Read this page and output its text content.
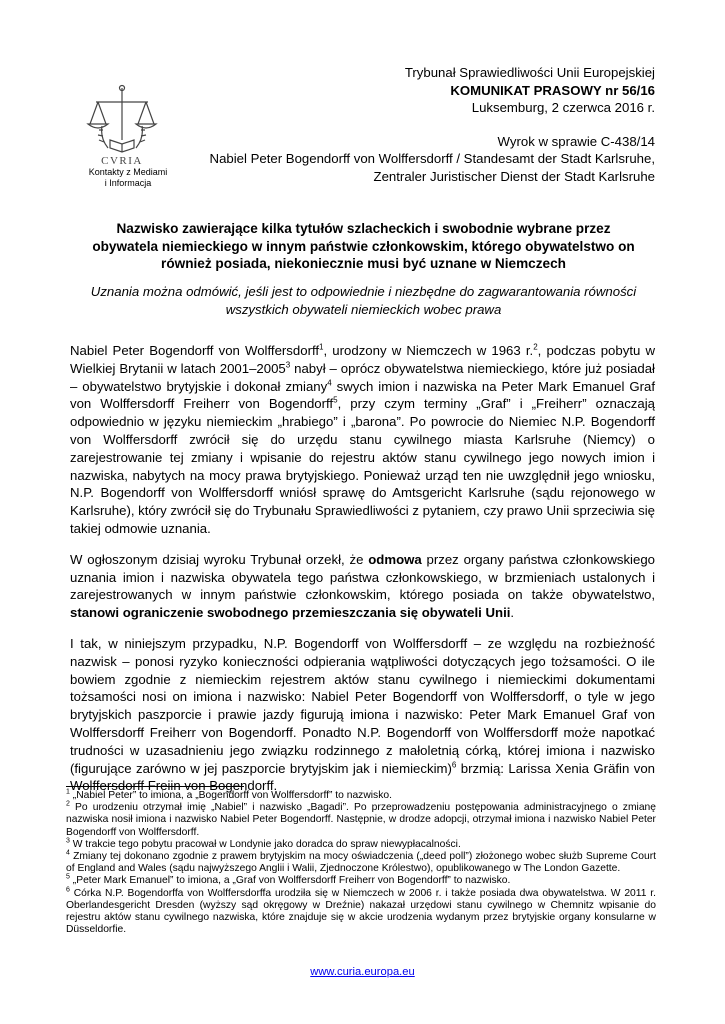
CVRIA
Kontakty z Mediami
i Informacja
Trybunał Sprawiedliwości Unii Europejskiej
KOMUNIKAT PRASOWY nr 56/16
Luksemburg, 2 czerwca 2016 r.
Wyrok w sprawie C-438/14
Nabiel Peter Bogendorff von Wolffersdorff / Standesamt der Stadt Karlsruhe,
Zentraler Juristischer Dienst der Stadt Karlsruhe
Nazwisko zawierające kilka tytułów szlacheckich i swobodnie wybrane przez
obywatela niemieckiego w innym państwie członkowskim, którego obywatelstwo on
również posiada, niekoniecznie musi być uznane w Niemczech
Uznania można odmówić, jeśli jest to odpowiednie i niezbędne do zagwarantowania równości
wszystkich obywateli niemieckich wobec prawa

Nabiel Peter Bogendorff von Wolffersdorff$^1$, urodzony w Niemczech w 1963 r.$^2$, podczas pobytu w Wielkiej Brytanii w latach 2001–2005$^3$ nabył – oprócz obywatelstwa niemieckiego, które już posiadał – obywatelstwo brytyjskie i dokonał zmiany$^4$ swych imion i nazwiska na Peter Mark Emanuel Graf von Wolffersdorff Freiherr von Bogendorff$^5$, przy czym terminy „Graf” i „Freiherr” oznaczają odpowiednio w języku niemieckim „hrabiego” i „barona”. Po powrocie do Niemiec N.P. Bogendorff von Wolffersdorff zwrócił się do urzędu stanu cywilnego miasta Karlsruhe (Niemcy) o zarejestrowanie tej zmiany i wpisanie do rejestru aktów stanu cywilnego jego nowych imion i nazwiska, nabytych na mocy prawa brytyjskiego. Ponieważ urząd ten nie uwzględnił jego wniosku, N.P. Bogendorff von Wolffersdorff wniósł sprawę do Amtsgericht Karlsruhe (sądu rejonowego w Karlsruhe), który zwrócił się do Trybunału Sprawiedliwości z pytaniem, czy prawo Unii sprzeciwia się takiej odmowie uznania.

W ogłoszonym dzisiaj wyroku Trybunał orzekł, że odmowa przez organy państwa członkowskiego uznania imion i nazwiska obywatela tego państwa członkowskiego, w brzmieniach ustalonych i zarejestrowanych w innym państwie członkowskim, którego posiada on także obywatelstwo, stanowi ograniczenie swobodnego przemieszczania się obywateli Unii.

I tak, w niniejszym przypadku, N.P. Bogendorff von Wolffersdorff – ze względu na rozbieżność nazwisk – ponosi ryzyko konieczności odpierania wątpliwości dotyczących jego tożsamości. O ile bowiem zgodnie z niemieckim rejestrem aktów stanu cywilnego i niemieckimi dokumentami tożsamości nosi on imiona i nazwisko: Nabiel Peter Bogendorff von Wolffersdorff, o tyle w jego brytyjskich paszporcie i prawie jazdy figurują imiona i nazwisko: Peter Mark Emanuel Graf von Wolffersdorff Freiherr von Bogendorff. Ponadto N.P. Bogendorff von Wolffersdorff może napotkać trudności w uzasadnieniu jego związku rodzinnego z małoletnią córką, której imiona i nazwisko (figurujące zarówno w jej paszporcie brytyjskim jak i niemieckim)$^6$ brzmią: Larissa Xenia Gräfin von Wolffersdorff Freiin von Bogendorff.

$^1$ „Nabiel Peter” to imiona, a „Bogendorff von Wolffersdorff” to nazwisko.
$^2$ Po urodzeniu otrzymał imię „Nabiel” i nazwisko „Bagadi”. Po przeprowadzeniu postępowania administracyjnego o zmianę nazwiska nosił imiona i nazwisko Nabiel Peter Bogendorff. Następnie, w drodze adopcji, otrzymał imiona i nazwisko Nabiel Peter Bogendorff von Wolffersdorff.
$^3$ W trakcie tego pobytu pracował w Londynie jako doradca do spraw niewypłacalności.
$^4$ Zmiany tej dokonano zgodnie z prawem brytyjskim na mocy oświadczenia („deed poll”) złożonego wobec służb Supreme Court of England and Wales (sądu najwyższego Anglii i Walii, Zjednoczone Królestwo), opublikowanego w The London Gazette.
$^5$ „Peter Mark Emanuel” to imiona, a „Graf von Wolffersdorff Freiherr von Bogendorff” to nazwisko.
$^6$ Córka N.P. Bogendorffa von Wolffersdorffa urodziła się w Niemczech w 2006 r. i także posiada dwa obywatelstwa. W 2011 r. Oberlandesgericht Dresden (wyższy sąd okręgowy w Dreźnie) nakazał urzędowi stanu cywilnego w Chemnitz wpisanie do rejestru aktów stanu cywilnego nazwiska, które znajduje się w akcie urodzenia wydanym przez brytyjskie organy konsularne w Düsseldorfie.
www.curia.europa.eu
